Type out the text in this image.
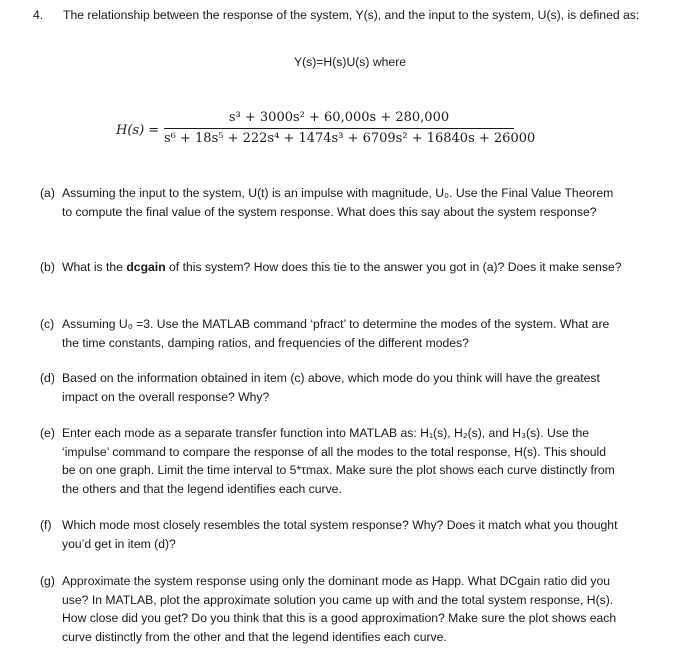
4. The relationship between the response of the system, Y(s), and the input to the system, U(s), is defined as:
Y(s)=H(s)U(s) where
H(s) =
s³ + 3000s² + 60,000s + 280,000
s⁶ + 18s⁵ + 222s⁴ + 1474s³ + 6709s² + 16840s + 26000
(a) Assuming the input to the system, U(t) is an impulse with magnitude, U₀. Use the Final Value Theorem to compute the final value of the system response. What does this say about the system response?
(b) What is the dcgain of this system? How does this tie to the answer you got in (a)? Does it make sense?
(c) Assuming U₀ =3. Use the MATLAB command ‘pfract’ to determine the modes of the system. What are the time constants, damping ratios, and frequencies of the different modes?
(d) Based on the information obtained in item (c) above, which mode do you think will have the greatest impact on the overall response? Why?
(e) Enter each mode as a separate transfer function into MATLAB as: H₁(s), H₂(s), and H₃(s). Use the ‘impulse’ command to compare the response of all the modes to the total response, H(s). This should be on one graph. Limit the time interval to 5*τmax. Make sure the plot shows each curve distinctly from the others and that the legend identifies each curve.
(f) Which mode most closely resembles the total system response? Why? Does it match what you thought you’d get in item (d)?
(g) Approximate the system response using only the dominant mode as Happ. What DCgain ratio did you use? In MATLAB, plot the approximate solution you came up with and the total system response, H(s). How close did you get? Do you think that this is a good approximation? Make sure the plot shows each curve distinctly from the other and that the legend identifies each curve.
